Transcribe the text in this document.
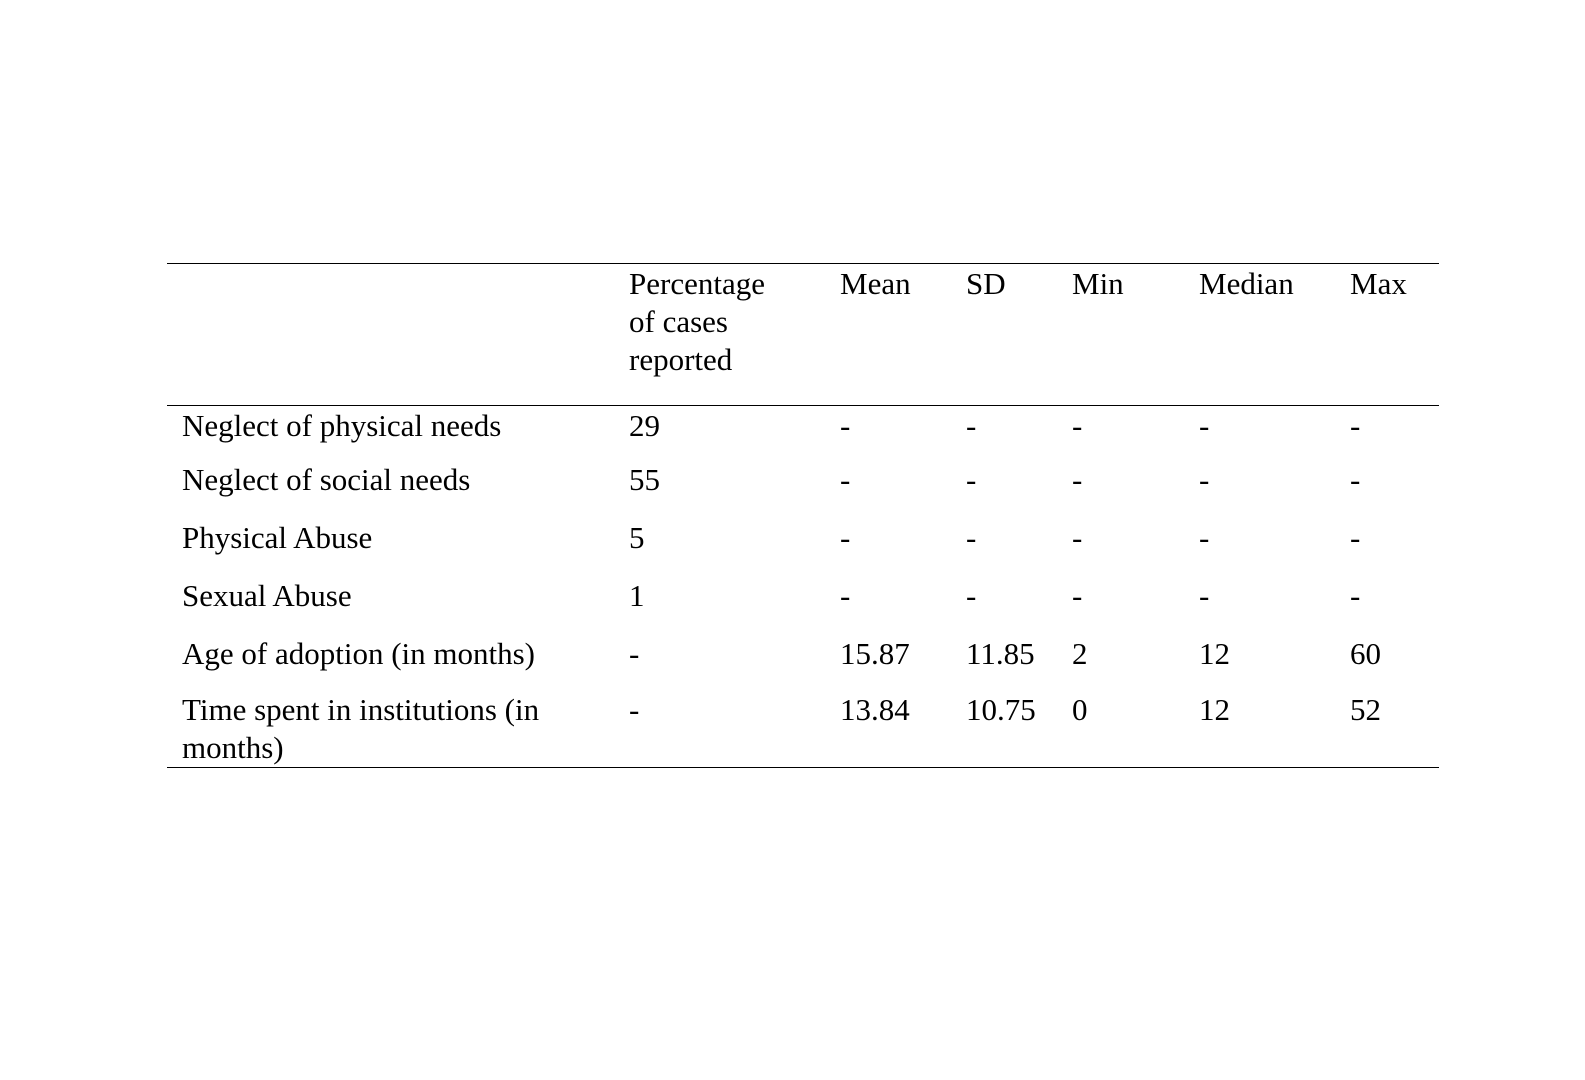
	Percentage of cases reported	Mean	SD	Min	Median	Max
Neglect of physical needs	29	-	-	-	-	-
Neglect of social needs	55	-	-	-	-	-
Physical Abuse	5	-	-	-	-	-
Sexual Abuse	1	-	-	-	-	-
Age of adoption (in months)	-	15.87	11.85	2	12	60

Time spent in institutions (in months)	-	13.84	10.75	0	12	52
